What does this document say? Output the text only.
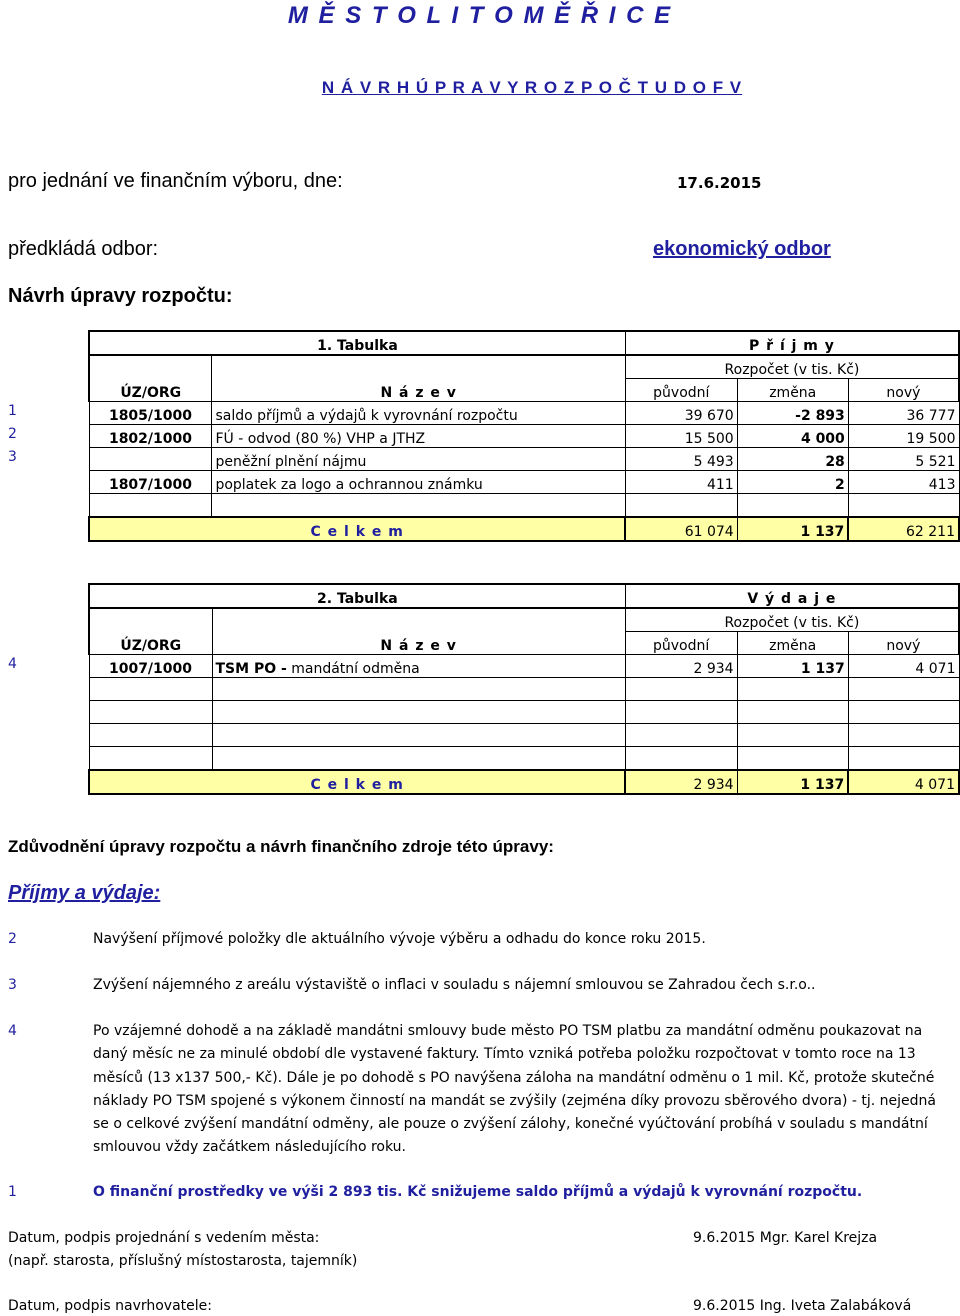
M Ě S T O L I T O M Ě Ř I C E
N Á V R H Ú P R A V Y R O Z P O Č T U D O F V
pro jednání ve finančním výboru, dne:	17.6.2015
předkládá odbor:	ekonomický odbor
Návrh úpravy rozpočtu:
1. Tabulka		P ř í j m y		
		Rozpočet (v tis. Kč)		
ÚZ/ORG	N á z e v	původní	změna	nový
1805/1000	saldo příjmů a výdajů k vyrovnání rozpočtu	39 670	-2 893	36 777
1802/1000	FÚ - odvod (80 %) VHP a JTHZ	15 500	4 000	19 500
	peněžní plnění nájmu	5 493	28	5 521
1807/1000	poplatek za logo a ochrannou známku	411	2	413

C e l k e m		61 074	1 137	62 211
1
2
3
2. Tabulka		V ý d a j e		
		Rozpočet (v tis. Kč)		
ÚZ/ORG	N á z e v	původní	změna	nový
1007/1000	TSM PO - mandátní odměna	2 934	1 137	4 071

C e l k e m		2 934	1 137	4 071
4
Zdůvodnění úpravy rozpočtu a návrh finančního zdroje této úpravy:
Příjmy a výdaje:
2	Navýšení příjmové položky dle aktuálního vývoje výběru a odhadu do konce roku 2015.
3	Zvýšení nájemného z areálu výstaviště o inflaci v souladu s nájemní smlouvou se Zahradou čech s.r.o..
4	Po vzájemné dohodě a na základě mandátni smlouvy bude město PO TSM platbu za mandátní odměnu poukazovat na daný měsíc ne za minulé období dle vystavené faktury. Tímto vzniká potřeba položku rozpočtovat v tomto roce na 13 měsíců (13 x137 500,- Kč). Dále je po dohodě s PO navýšena záloha na mandátní odměnu o 1 mil. Kč, protože skutečné náklady PO TSM spojené s výkonem činností na mandát se zvýšily (zejména díky provozu sběrového dvora) - tj. nejedná se o celkové zvýšení mandátní odměny, ale pouze o zvýšení zálohy, konečné vyúčtování probíhá v souladu s mandátní smlouvou vždy začátkem následujícího roku.
1	O finanční prostředky ve výši 2 893 tis. Kč snižujeme saldo příjmů a výdajů k vyrovnání rozpočtu.
Datum, podpis projednání s vedením města:
(např. starosta, příslušný místostarosta, tajemník)
9.6.2015 Mgr. Karel Krejza
Datum, podpis navrhovatele:	9.6.2015 Ing. Iveta Zalabáková
